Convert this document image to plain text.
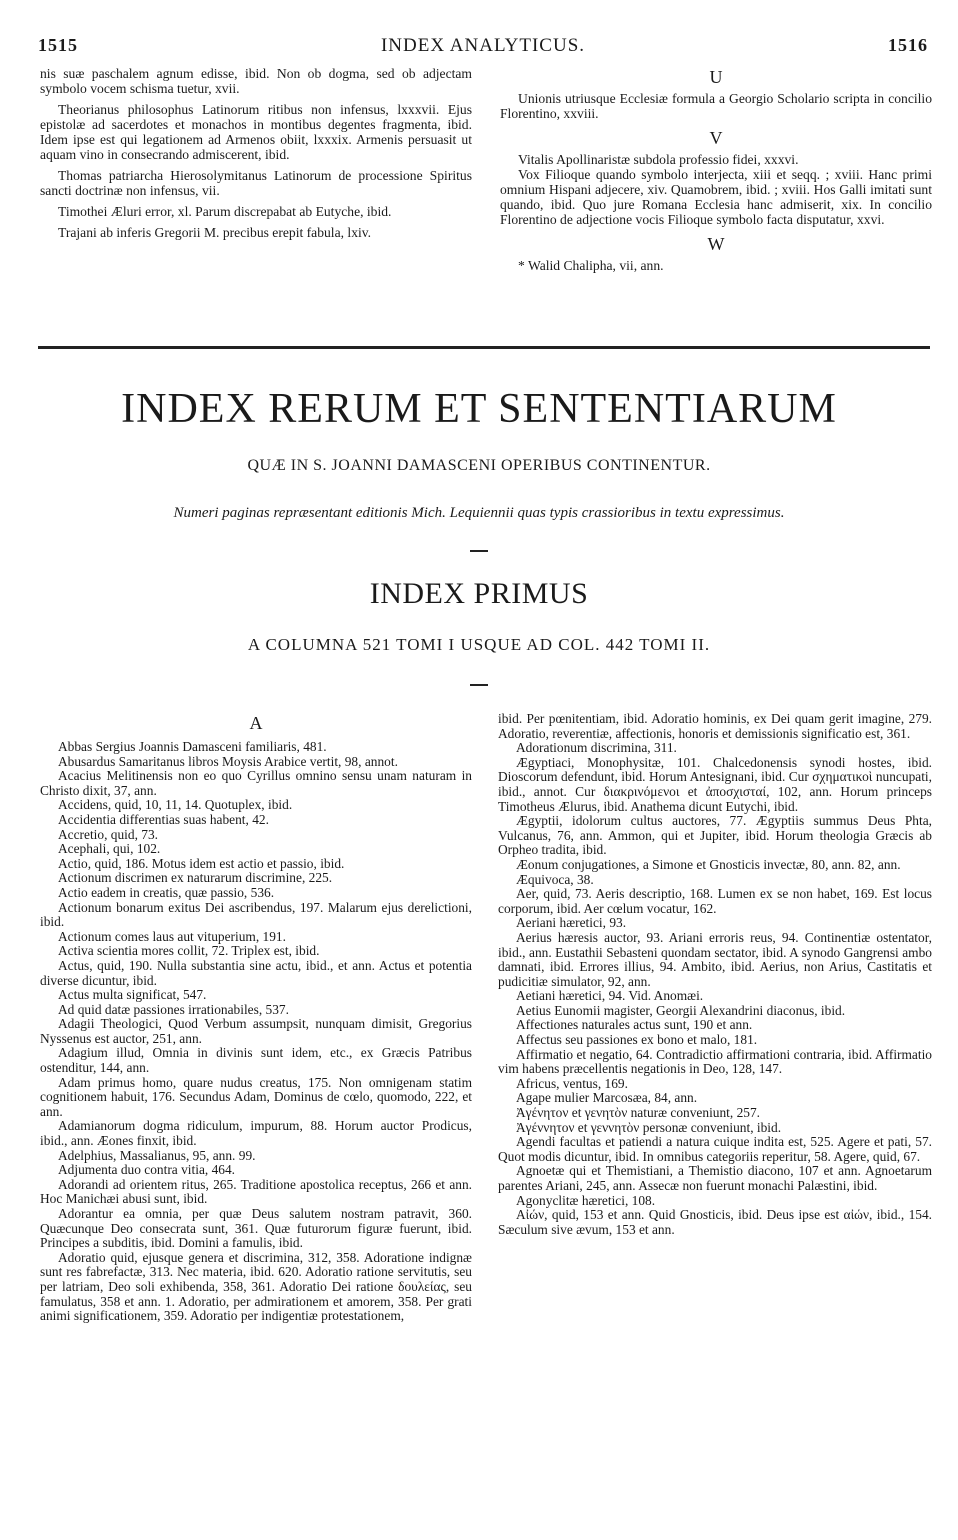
1515	INDEX ANALYTICUS.	1516

nis suæ paschalem agnum edisse, ibid. Non ob dogma, sed ob adjectam symbolo vocem schisma tuetur, xvii.

Theorianus philosophus Latinorum ritibus non infensus, lxxxvii. Ejus epistolæ ad sacerdotes et monachos in montibus degentes fragmenta, ibid. Idem ipse est qui legationem ad Armenos obiit, lxxxix. Armenis persuasit ut aquam vino in consecrando admiscerent, ibid.

Thomas patriarcha Hierosolymitanus Latinorum de processione Spiritus sancti doctrinæ non infensus, vii.

Timothei Æluri error, xl. Parum discrepabat ab Eutyche, ibid.

Trajani ab inferis Gregorii M. precibus erepit fabula, lxiv.

U

Unionis utriusque Ecclesiæ formula a Georgio Scholario scripta in concilio Florentino, xxviii.

V

Vitalis Apollinaristæ subdola professio fidei, xxxvi.

Vox Filioque quando symbolo interjecta, xiii et seqq. ; xviii. Hanc primi omnium Hispani adjecere, xiv. Quamobrem, ibid. ; xviii. Hos Galli imitati sunt quando, ibid. Quo jure Romana Ecclesia hanc admiserit, xix. In concilio Florentino de adjectione vocis Filioque symbolo facta disputatur, xxvi.

W

* Walid Chalipha, vii, ann.

INDEX RERUM ET SENTENTIARUM
QUÆ IN S. JOANNI DAMASCENI OPERIBUS CONTINENTUR.
Numeri paginas repræsentant editionis Mich. Lequiennii quas typis crassioribus in textu expressimus.
INDEX PRIMUS
A COLUMNA 521 TOMI I USQUE AD COL. 442 TOMI II.

A

Abbas Sergius Joannis Damasceni familiaris, 481.

Abusardus Samaritanus libros Moysis Arabice vertit, 98, annot.

Acacius Melitinensis non eo quo Cyrillus omnino sensu unam naturam in Christo dixit, 37, ann.

Accidens, quid, 10, 11, 14. Quotuplex, ibid.

Accidentia differentias suas habent, 42.

Accretio, quid, 73.

Acephali, qui, 102.

Actio, quid, 186. Motus idem est actio et passio, ibid.

Actionum discrimen ex naturarum discrimine, 225.

Actio eadem in creatis, quæ passio, 536.

Actionum bonarum exitus Dei ascribendus, 197. Malarum ejus derelictioni, ibid.

Actionum comes laus aut vituperium, 191.

Activa scientia mores collit, 72. Triplex est, ibid.

Actus, quid, 190. Nulla substantia sine actu, ibid., et ann. Actus et potentia diverse dicuntur, ibid.

Actus multa significat, 547.

Ad quid datæ passiones irrationabiles, 537.

Adagii Theologici, Quod Verbum assumpsit, nunquam dimisit, Gregorius Nyssenus est auctor, 251, ann.

Adagium illud, Omnia in divinis sunt idem, etc., ex Græcis Patribus ostenditur, 144, ann.

Adam primus homo, quare nudus creatus, 175. Non omnigenam statim cognitionem habuit, 176. Secundus Adam, Dominus de cœlo, quomodo, 222, et ann.

Adamianorum dogma ridiculum, impurum, 88. Horum auctor Prodicus, ibid., ann. Æones finxit, ibid.

Adelphius, Massalianus, 95, ann. 99.

Adjumenta duo contra vitia, 464.

Adorandi ad orientem ritus, 265. Traditione apostolica receptus, 266 et ann. Hoc Manichæi abusi sunt, ibid.

Adorantur ea omnia, per quæ Deus salutem nostram patravit, 360. Quæcunque Deo consecrata sunt, 361. Quæ futurorum figuræ fuerunt, ibid. Principes a subditis, ibid. Domini a famulis, ibid.

Adoratio quid, ejusque genera et discrimina, 312, 358. Adoratione indignæ sunt res fabrefactæ, 313. Nec materia, ibid. 620. Adoratio ratione servitutis, seu per latriam, Deo soli exhibenda, 358, 361. Adoratio Dei ratione δουλείας, seu famulatus, 358 et ann. 1. Adoratio, per admirationem et amorem, 358. Per grati animi significationem, 359. Adoratio per indigentiæ protestationem,

ibid. Per pœnitentiam, ibid. Adoratio hominis, ex Dei quam gerit imagine, 279. Adoratio, reverentiæ, affectionis, honoris et demissionis significatio est, 361.

Adorationum discrimina, 311.

Ægyptiaci, Monophysitæ, 101. Chalcedonensis synodi hostes, ibid. Dioscorum defendunt, ibid. Horum Antesignani, ibid. Cur σχηματικοὶ nuncupati, ibid., annot. Cur διακρινόμενοι et ἀποσχισταί, 102, ann. Horum princeps Timotheus Ælurus, ibid. Anathema dicunt Eutychi, ibid.

Ægyptii, idolorum cultus auctores, 77. Ægyptiis summus Deus Phta, Vulcanus, 76, ann. Ammon, qui et Jupiter, ibid. Horum theologia Græcis ab Orpheo tradita, ibid.

Æonum conjugationes, a Simone et Gnosticis invectæ, 80, ann. 82, ann.

Æquivoca, 38.

Aer, quid, 73. Aeris descriptio, 168. Lumen ex se non habet, 169. Est locus corporum, ibid. Aer cœlum vocatur, 162.

Aeriani hæretici, 93.

Aerius hæresis auctor, 93. Ariani erroris reus, 94. Continentiæ ostentator, ibid., ann. Eustathii Sebasteni quondam sectator, ibid. A synodo Gangrensi ambo damnati, ibid. Errores illius, 94. Ambito, ibid. Aerius, non Arius, Castitatis et pudicitiæ simulator, 92, ann.

Aetiani hæretici, 94. Vid. Anomæi.

Aetius Eunomii magister, Georgii Alexandrini diaconus, ibid.

Affectiones naturales actus sunt, 190 et ann.

Affectus seu passiones ex bono et malo, 181.

Affirmatio et negatio, 64. Contradictio affirmationi contraria, ibid. Affirmatio vim habens præcellentis negationis in Deo, 128, 147.

Africus, ventus, 169.

Agape mulier Marcosæa, 84, ann.

Ἀγένητον et γενητὸν naturæ conveniunt, 257.

Ἀγέννητον et γεννητὸν personæ conveniunt, ibid.

Agendi facultas et patiendi a natura cuique indita est, 525. Agere et pati, 57. Quot modis dicuntur, ibid. In omnibus categoriis reperitur, 58. Agere, quid, 67.

Agnoetæ qui et Themistiani, a Themistio diacono, 107 et ann. Agnoetarum parentes Ariani, 245, ann. Assecæ non fuerunt monachi Palæstini, ibid.

Agonyclitæ hæretici, 108.

Αἰών, quid, 153 et ann. Quid Gnosticis, ibid. Deus ipse est αἰών, ibid., 154. Sæculum sive ævum, 153 et ann.
